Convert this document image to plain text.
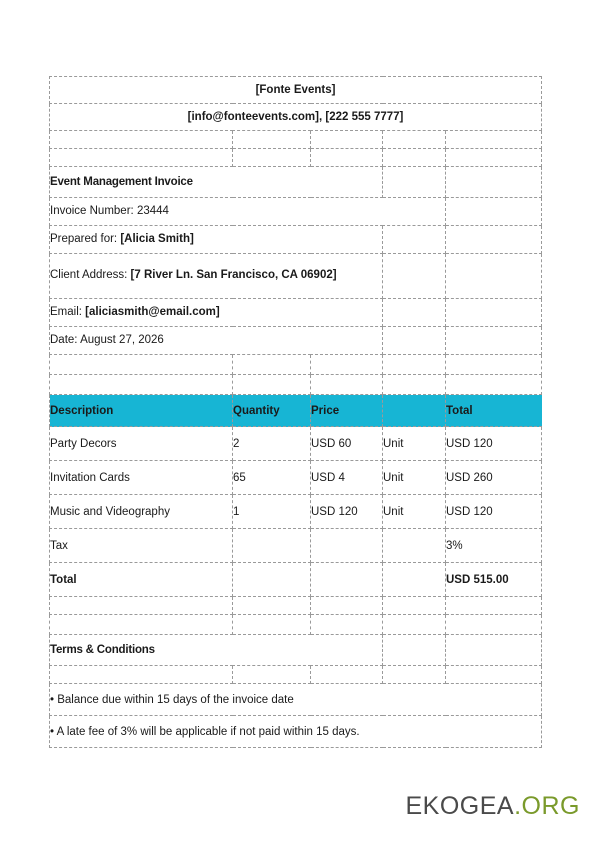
[Fonte Events]				
[info@fonteevents.com], [222 555 7777]				

Event Management Invoice				
Invoice Number: 23444				
Prepared for: [Alicia Smith]				
Client Address: [7 River Ln. San Francisco, CA 06902]				
Email: [aliciasmith@email.com]				
Date: August 27, 2026				

Description	Quantity	Price		Total
Party Decors	2	USD 60	Unit	USD 120
Invitation Cards	65	USD 4	Unit	USD 260
Music and Videography	1	USD 120	Unit	USD 120
Tax				3%
Total				USD 515.00

Terms & Conditions				

• Balance due within 15 days of the invoice date				
• A late fee of 3% will be applicable if not paid within 15 days.				
EKOGEA.ORG
